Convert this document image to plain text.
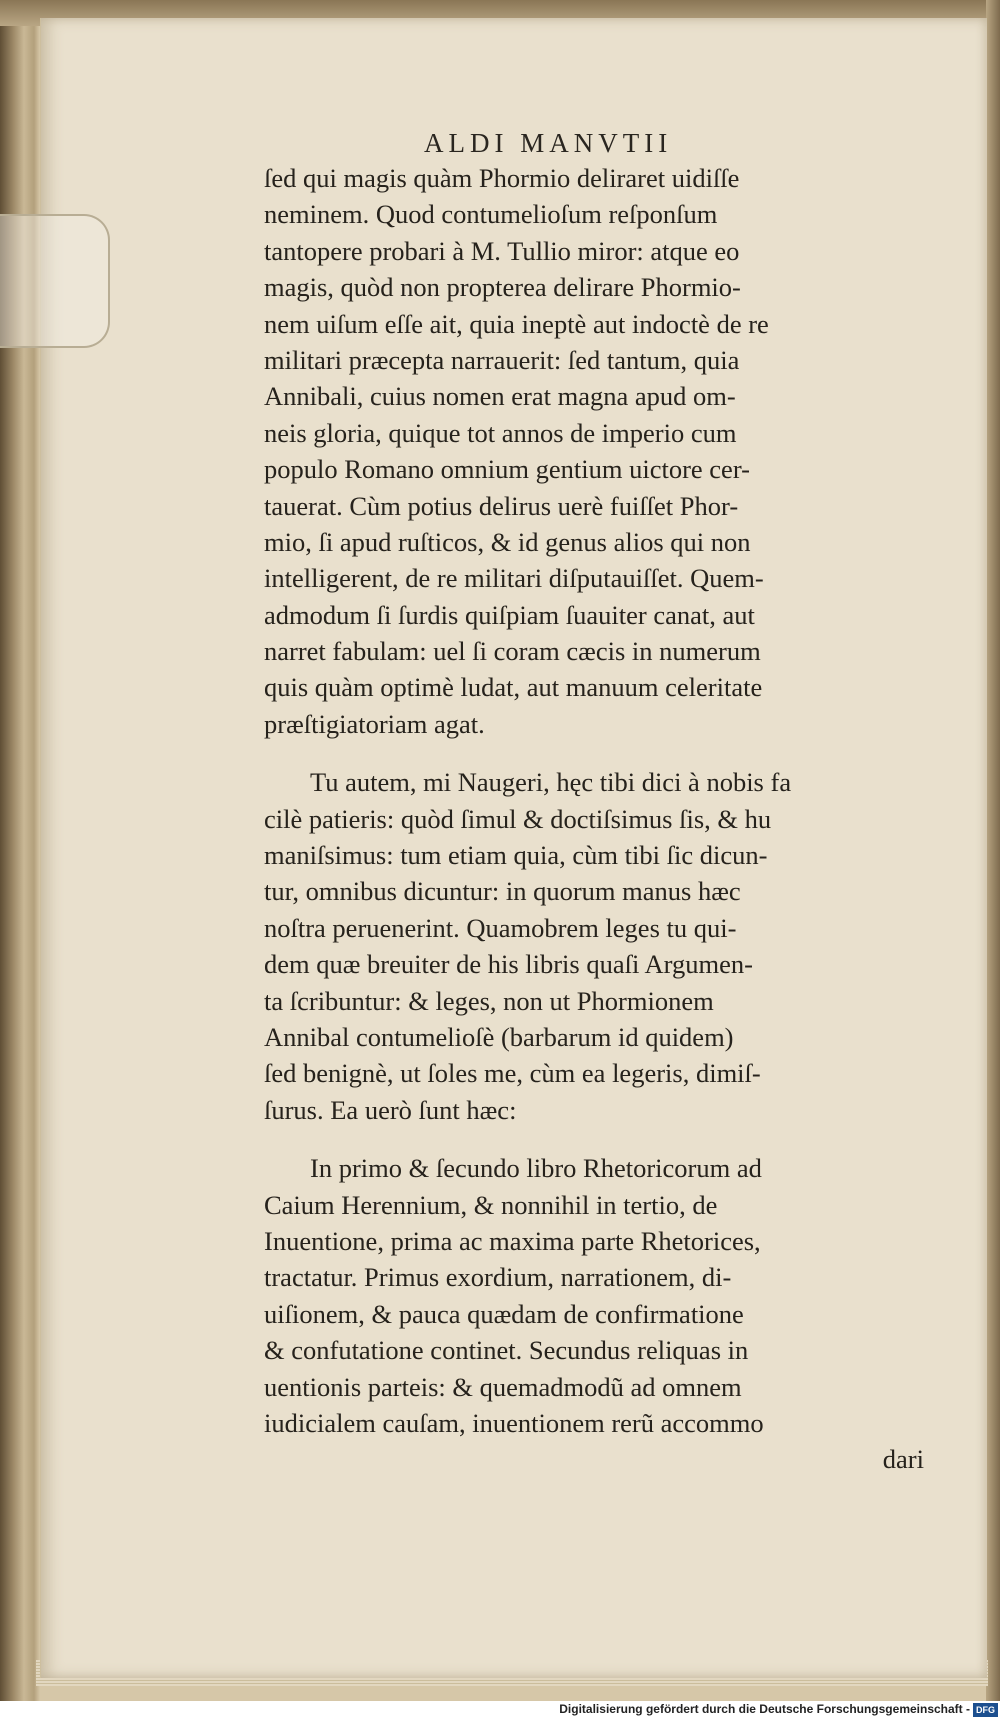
ALDI MANVTII
ſed qui magis quàm Phormio deliraret uidiſſe
neminem. Quod contumelioſum reſponſum
tantopere probari à M. Tullio miror: atque eo
magis, quòd non propterea delirare Phormio-
nem uiſum eſſe ait, quia ineptè aut indoctè de re
militari præcepta narrauerit: ſed tantum, quia
Annibali, cuius nomen erat magna apud om-
neis gloria, quique tot annos de imperio cum
populo Romano omnium gentium uictore cer-
tauerat. Cùm potius delirus uerè fuiſſet Phor-
mio, ſi apud ruſticos, & id genus alios qui non
intelligerent, de re militari diſputauiſſet. Quem-
admodum ſi ſurdis quiſpiam ſuauiter canat, aut
narret fabulam: uel ſi coram cæcis in numerum
quis quàm optimè ludat, aut manuum celeritate
præſtigiatoriam agat.
Tu autem, mi Naugeri, hęc tibi dici à nobis fa
cilè patieris: quòd ſimul & doctiſsimus ſis, & hu
maniſsimus: tum etiam quia, cùm tibi ſic dicun-
tur, omnibus dicuntur: in quorum manus hæc
noſtra peruenerint. Quamobrem leges tu qui-
dem quæ breuiter de his libris quaſi Argumen-
ta ſcribuntur: & leges, non ut Phormionem
Annibal contumelioſè (barbarum id quidem)
ſed benignè, ut ſoles me, cùm ea legeris, dimiſ-
ſurus. Ea uerò ſunt hæc:
In primo & ſecundo libro Rhetoricorum ad
Caium Herennium, & nonnihil in tertio, de
Inuentione, prima ac maxima parte Rhetorices,
tractatur. Primus exordium, narrationem, di-
uiſionem, & pauca quædam de confirmatione
& confutatione continet. Secundus reliquas in
uentionis parteis: & quemadmodũ ad omnem
iudicialem cauſam, inuentionem rerũ accommo
dari
Digitalisierung gefördert durch die Deutsche Forschungsgemeinschaft - DFG
